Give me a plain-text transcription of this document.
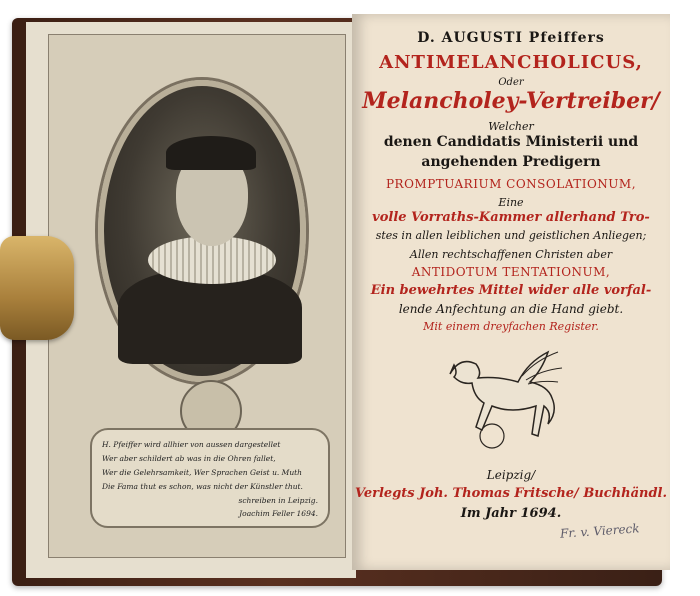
H. Pfeiffer wird allhier von aussen dargestellet

Wer aber schildert ab was in die Ohren fallet,

Wer die Gelehrsamkeit, Wer Sprachen Geist u. Muth

Die Fama thut es schon, was nicht der Künstler thut.

schreiben in Leipzig.

Joachim Feller 1694.

D. AUGUSTI Pfeiffers

ANTIMELANCHOLICUS,

Oder

Melancholey-Vertreiber/

Welcher

denen Candidatis Ministerii und

angehenden Predigern

PROMPTUARIUM CONSOLATIONUM,

Eine

volle Vorraths-Kammer allerhand Tro-

stes in allen leiblichen und geistlichen Anliegen;

Allen rechtschaffenen Christen aber

ANTIDOTUM TENTATIONUM,

Ein bewehrtes Mittel wider alle vorfal-

lende Anfechtung an die Hand giebt.

Mit einem dreyfachen Register.

Leipzig/

Verlegts Joh. Thomas Fritsche/ Buchhändl.

Im Jahr 1694.

Fr. v. Viereck
